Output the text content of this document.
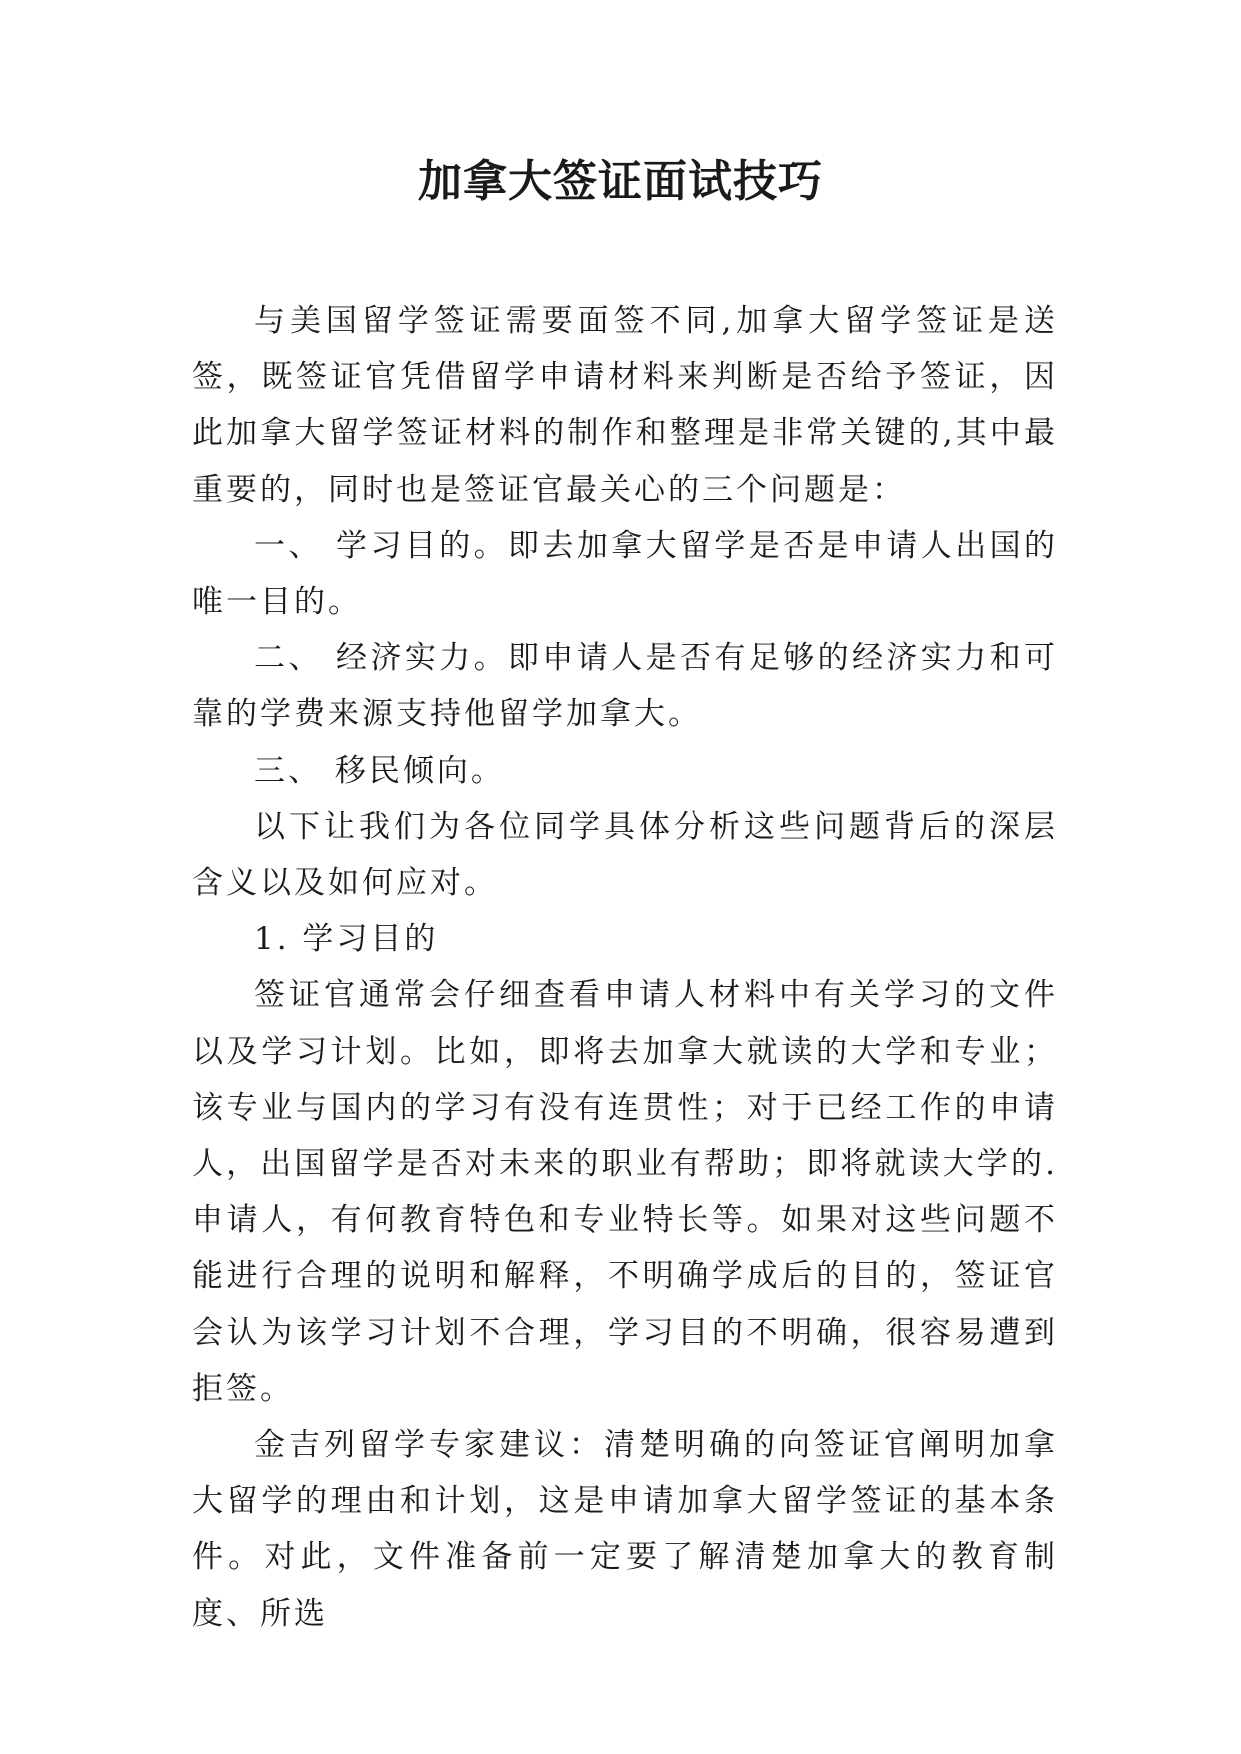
加拿大签证面试技巧

与美国留学签证需要面签不同,加拿大留学签证是送签，既签证官凭借留学申请材料来判断是否给予签证，因此加拿大留学签证材料的制作和整理是非常关键的,其中最重要的，同时也是签证官最关心的三个问题是：

一、 学习目的。即去加拿大留学是否是申请人出国的唯一目的。

二、 经济实力。即申请人是否有足够的经济实力和可靠的学费来源支持他留学加拿大。

三、 移民倾向。

以下让我们为各位同学具体分析这些问题背后的深层含义以及如何应对。

1. 学习目的

签证官通常会仔细查看申请人材料中有关学习的文件以及学习计划。比如，即将去加拿大就读的大学和专业；该专业与国内的学习有没有连贯性；对于已经工作的申请人，出国留学是否对未来的职业有帮助；即将就读大学的.申请人，有何教育特色和专业特长等。如果对这些问题不能进行合理的说明和解释，不明确学成后的目的，签证官会认为该学习计划不合理，学习目的不明确，很容易遭到拒签。

金吉列留学专家建议：清楚明确的向签证官阐明加拿大留学的理由和计划，这是申请加拿大留学签证的基本条件。对此，文件准备前一定要了解清楚加拿大的教育制度、所选
